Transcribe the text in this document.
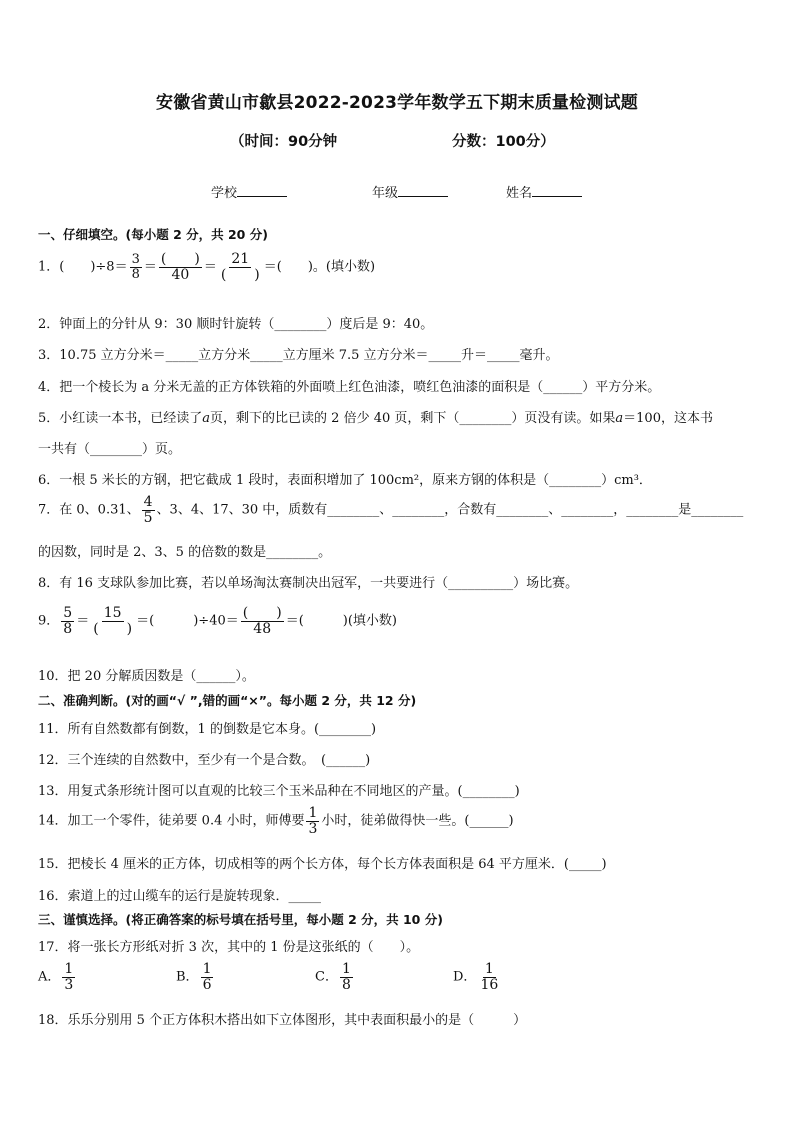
安徽省黄山市歙县2022-2023学年数学五下期末质量检测试题
（时间：90分钟	分数：100分）
学校	年级	姓名
一、仔细填空。(每小题 2 分，共 20 分)
1．(　　)$\div 8= \frac{3}{8} = \frac{( )}{40} = \frac{21}{( )}$ ＝(　　)。(填小数)
2．钟面上的分针从 9：30 顺时针旋转（________）度后是 9：40。
3．10.75 立方分米＝_____立方分米_____立方厘米 7.5 立方分米＝_____升＝_____毫升。
4．把一个棱长为 a 分米无盖的正方体铁箱的外面喷上红色油漆，喷红色油漆的面积是（______）平方分米。
5．小红读一本书，已经读了a页，剩下的比已读的 2 倍少 40 页，剩下（________）页没有读。如果a＝100，这本书
一共有（________）页。
6．一根 5 米长的方钢，把它截成 1 段时，表面积增加了 100cm²，原来方钢的体积是（________）cm³．
7．在 0、0.31、 $\frac{4}{5}$ 、3、4、17、30 中，质数有________、________，合数有________、________，________是________
的因数，同时是 2、3、5 的倍数的数是________。
8．有 16 支球队参加比赛，若以单场淘汰赛制决出冠军，一共要进行（__________）场比赛。
9． $\frac{5}{8} = \frac{15}{( )}$ ＝(　　　)$\div 40= \frac{( )}{48}$ ＝(　　　)(填小数)
10．把 20 分解质因数是（______）。
二、准确判断。(对的画“√ ”,错的画“×”。每小题 2 分，共 12 分)
11．所有自然数都有倒数，1 的倒数是它本身。(________)
12．三个连续的自然数中，至少有一个是合数。　(______)
13．用复式条形统计图可以直观的比较三个玉米品种在不同地区的产量。(________)
14．加工一个零件，徒弟要 0.4 小时，师傅要 $\frac{1}{3}$ 小时，徒弟做得快一些。(______)
15．把棱长 4 厘米的正方体，切成相等的两个长方体，每个长方体表面积是 64 平方厘米．(_____)
16．索道上的过山缆车的运行是旋转现象．_____
三、谨慎选择。(将正确答案的标号填在括号里，每小题 2 分，共 10 分)
17．将一张长方形纸对折 3 次，其中的 1 份是这张纸的（　　）。
A． $\frac{1}{3}$	B． $\frac{1}{6}$	C． $\frac{1}{8}$	D． $\frac{1}{16}$
18．乐乐分别用 5 个正方体积木搭出如下立体图形，其中表面积最小的是（　　　）
